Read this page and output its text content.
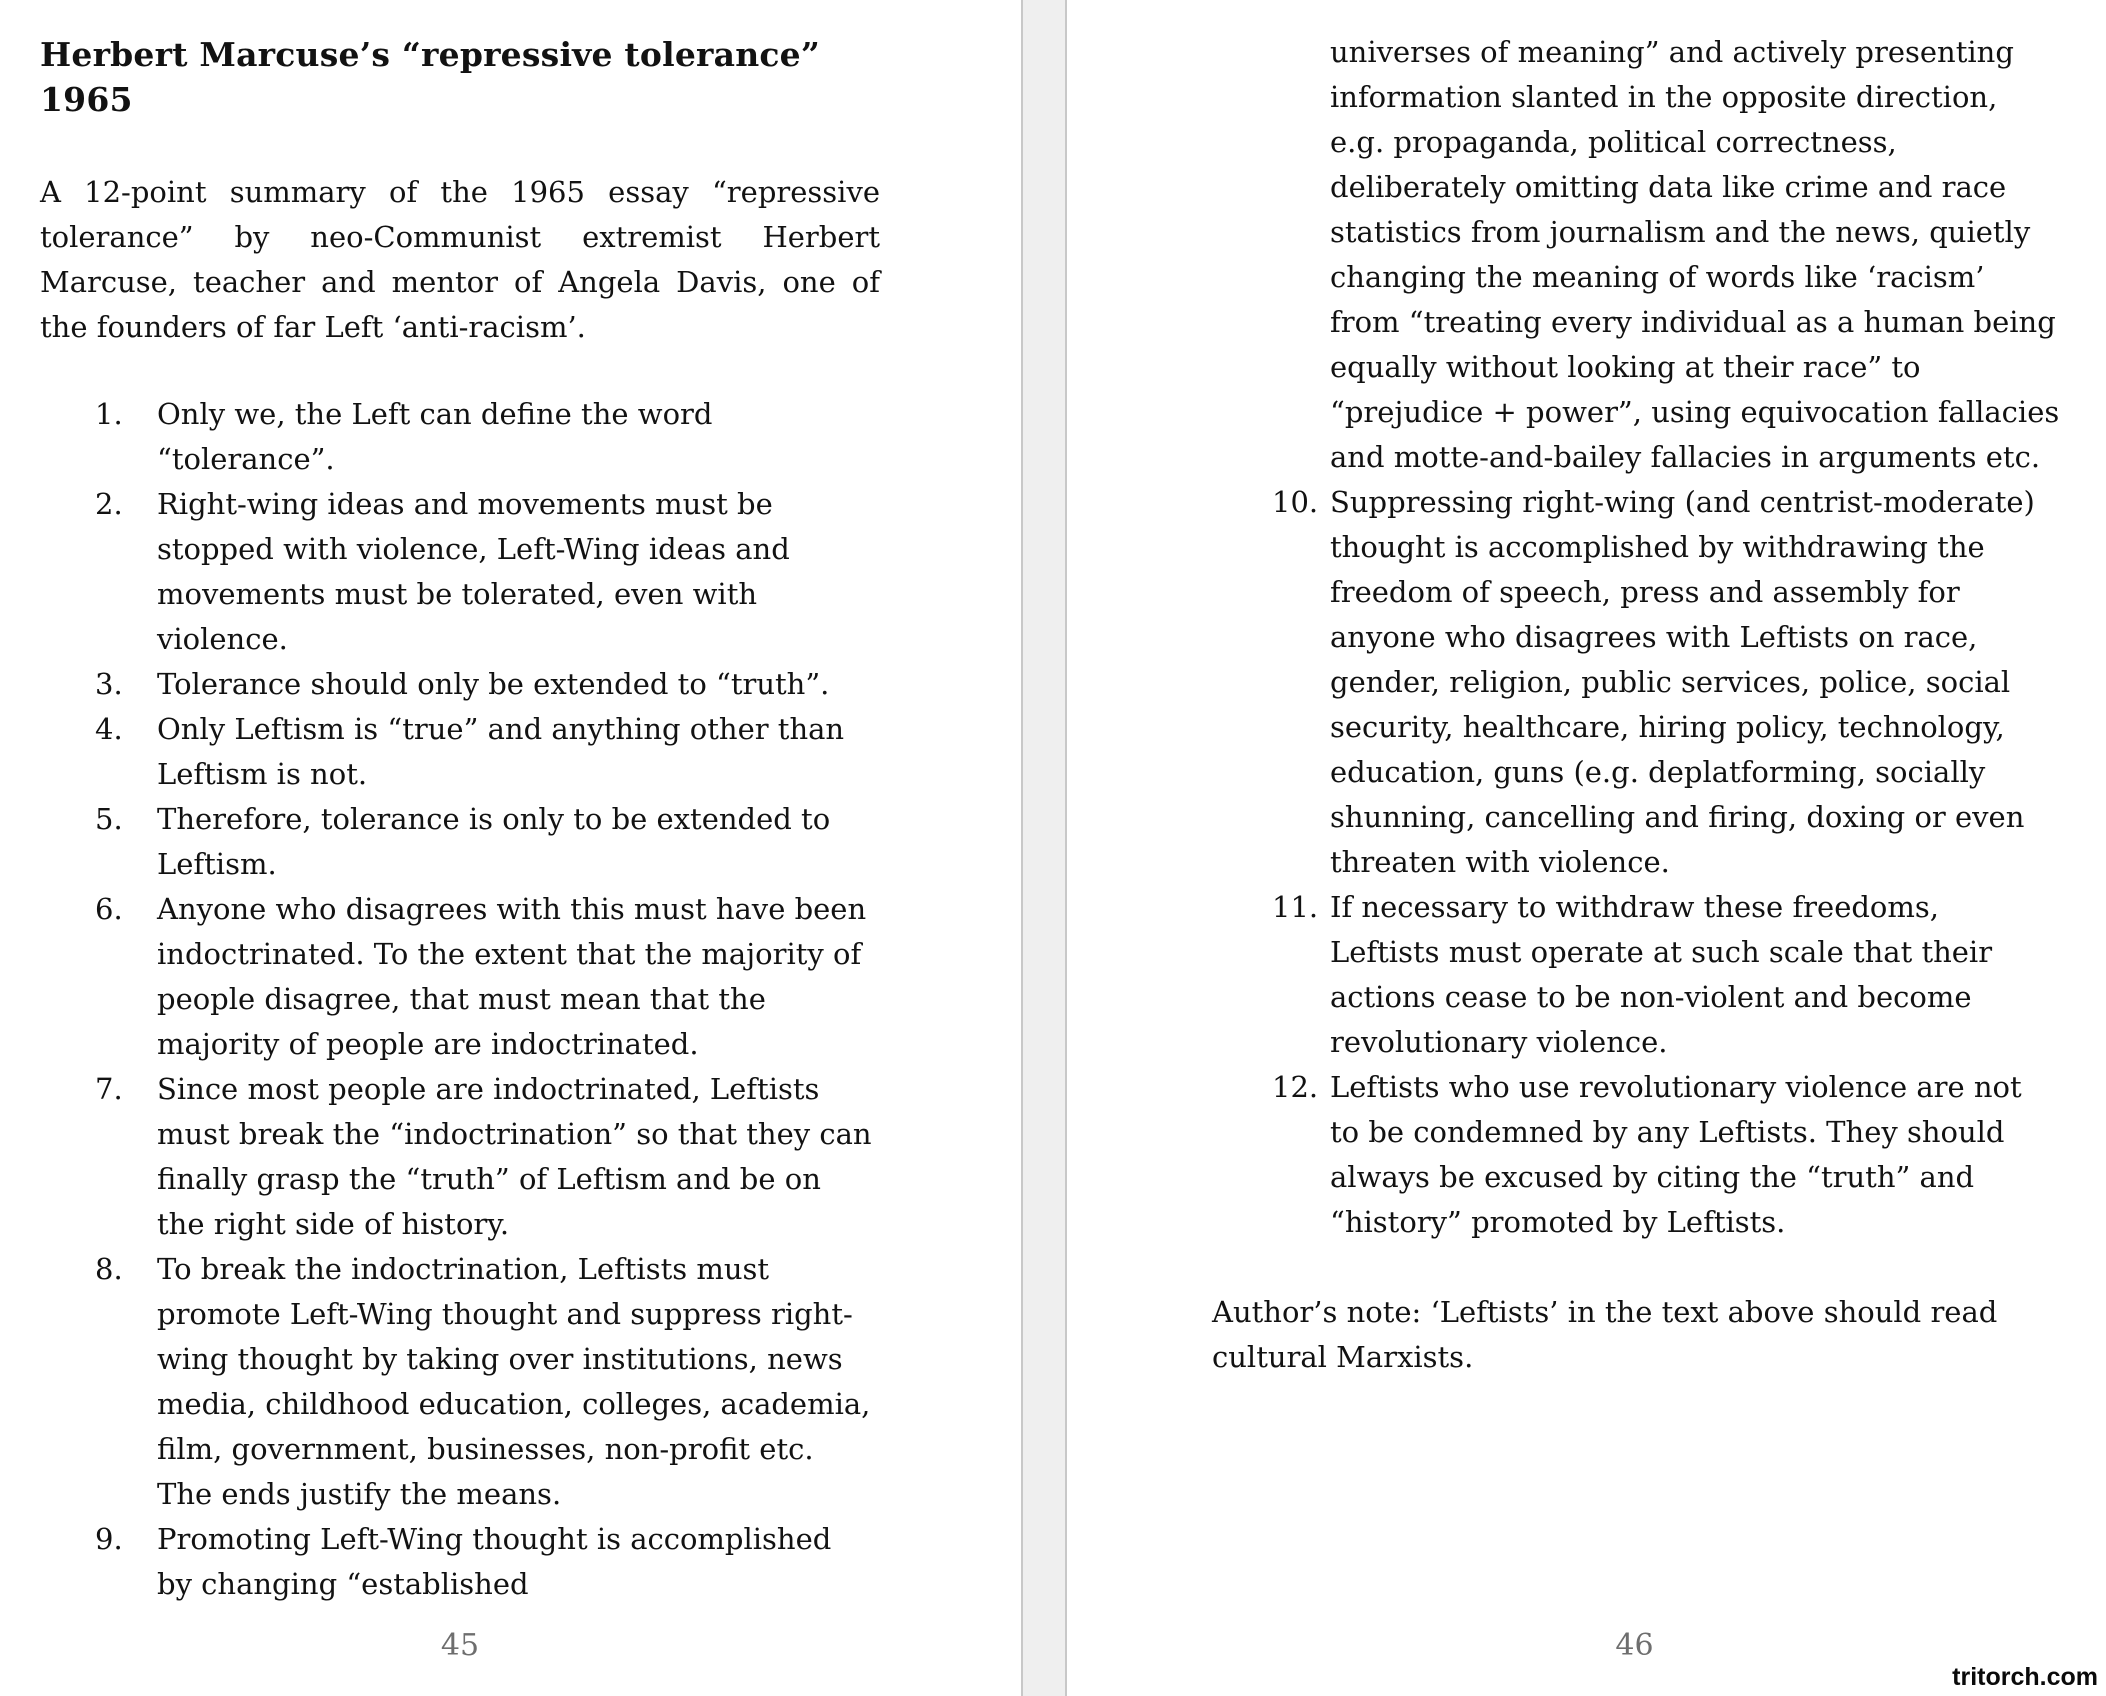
Herbert Marcuse’s “repressive tolerance” 1965
A 12-point summary of the 1965 essay “repressive tolerance” by neo-Communist extremist Herbert Marcuse, teacher and mentor of Angela Davis, one of the founders of far Left ‘anti-racism’.
1.	Only we, the Left can define the word “tolerance”.
2.	Right-wing ideas and movements must be stopped with violence, Left-Wing ideas and movements must be tolerated, even with violence.
3.	Tolerance should only be extended to “truth”.
4.	Only Leftism is “true” and anything other than Leftism is not.
5.	Therefore, tolerance is only to be extended to Leftism.
6.	Anyone who disagrees with this must have been indoctrinated. To the extent that the majority of people disagree, that must mean that the majority of people are indoctrinated.
7.	Since most people are indoctrinated, Leftists must break the “indoctrination” so that they can finally grasp the “truth” of Leftism and be on the right side of history.
8.	To break the indoctrination, Leftists must promote Left-Wing thought and suppress right-wing thought by taking over institutions, news media, childhood education, colleges, academia, film, government, businesses, non-profit etc. The ends justify the means.
9.	Promoting Left-Wing thought is accomplished by changing “established
45
universes of meaning” and actively presenting information slanted in the opposite direction, e.g. propaganda, political correctness, deliberately omitting data like crime and race statistics from journalism and the news, quietly changing the meaning of words like ‘racism’ from “treating every individual as a human being equally without looking at their race” to “prejudice + power”, using equivocation fallacies and motte-and-bailey fallacies in arguments etc.
10. Suppressing right-wing (and centrist-moderate) thought is accomplished by withdrawing the freedom of speech, press and assembly for anyone who disagrees with Leftists on race, gender, religion, public services, police, social security, healthcare, hiring policy, technology, education, guns (e.g. deplatforming, socially shunning, cancelling and firing, doxing or even threaten with violence.
11. If necessary to withdraw these freedoms, Leftists must operate at such scale that their actions cease to be non-violent and become revolutionary violence.
12. Leftists who use revolutionary violence are not to be condemned by any Leftists. They should always be excused by citing the “truth” and “history” promoted by Leftists.
Author’s note: ‘Leftists’ in the text above should read cultural Marxists.
46
tritorch.com
